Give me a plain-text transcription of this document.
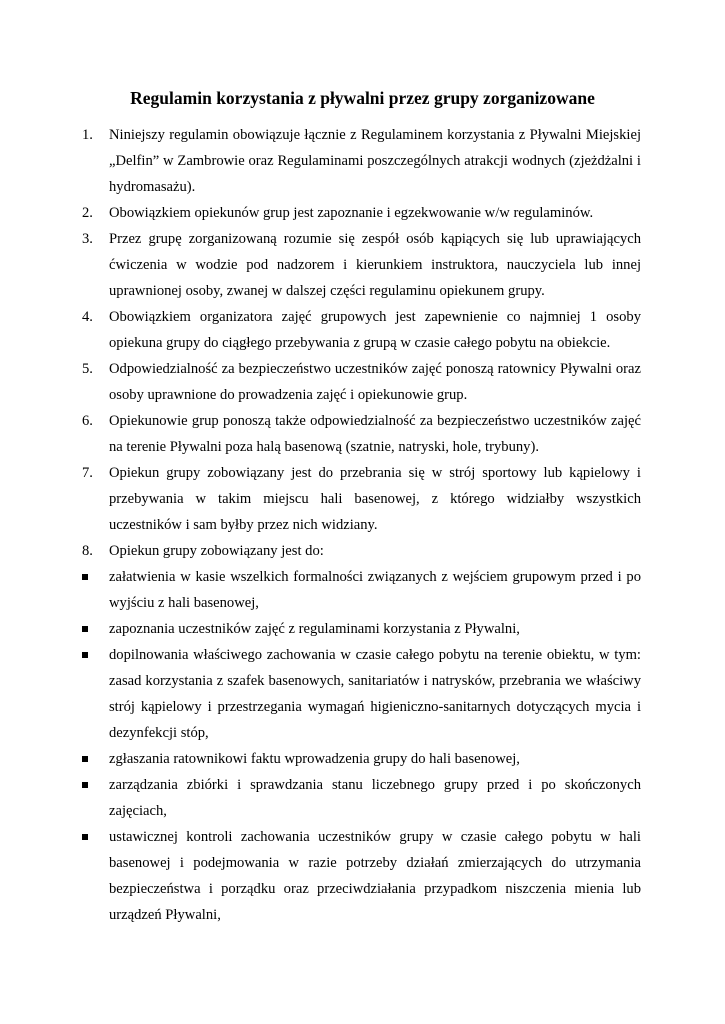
Regulamin korzystania z pływalni przez grupy zorganizowane
1.	Niniejszy regulamin obowiązuje łącznie z Regulaminem korzystania z Pływalni Miejskiej „Delfin” w Zambrowie oraz Regulaminami poszczególnych atrakcji wodnych (zjeżdżalni i hydromasażu).
2.	Obowiązkiem opiekunów grup jest zapoznanie i egzekwowanie w/w regulaminów.
3.	Przez grupę zorganizowaną rozumie się zespół osób kąpiących się lub uprawiających ćwiczenia w wodzie pod nadzorem i kierunkiem instruktora, nauczyciela lub innej uprawnionej osoby, zwanej w dalszej części regulaminu opiekunem grupy.
4.	Obowiązkiem organizatora zajęć grupowych jest zapewnienie co najmniej 1 osoby opiekuna grupy do ciągłego przebywania z grupą w czasie całego pobytu na obiekcie.
5.	Odpowiedzialność za bezpieczeństwo uczestników zajęć ponoszą ratownicy Pływalni oraz osoby uprawnione do prowadzenia zajęć i opiekunowie grup.
6.	Opiekunowie grup ponoszą także odpowiedzialność za bezpieczeństwo uczestników zajęć na terenie Pływalni poza halą basenową (szatnie, natryski, hole, trybuny).
7.	Opiekun grupy zobowiązany jest do przebrania się w strój sportowy lub kąpielowy i przebywania w takim miejscu hali basenowej, z którego widziałby wszystkich uczestników i sam byłby przez nich widziany.
8.	Opiekun grupy zobowiązany jest do:
załatwienia w kasie wszelkich formalności związanych z wejściem grupowym przed i po wyjściu z hali basenowej,
zapoznania uczestników zajęć z regulaminami korzystania z Pływalni,
dopilnowania właściwego zachowania w czasie całego pobytu na terenie obiektu, w tym: zasad korzystania z szafek basenowych, sanitariatów i natrysków, przebrania we właściwy strój kąpielowy i przestrzegania wymagań higieniczno-sanitarnych dotyczących mycia i dezynfekcji stóp,
zgłaszania ratownikowi faktu wprowadzenia grupy do hali basenowej,
zarządzania zbiórki i sprawdzania stanu liczebnego grupy przed i po skończonych zajęciach,
ustawicznej kontroli zachowania uczestników grupy w czasie całego pobytu w hali basenowej i podejmowania w razie potrzeby działań zmierzających do utrzymania bezpieczeństwa i porządku oraz przeciwdziałania przypadkom niszczenia mienia lub urządzeń Pływalni,
